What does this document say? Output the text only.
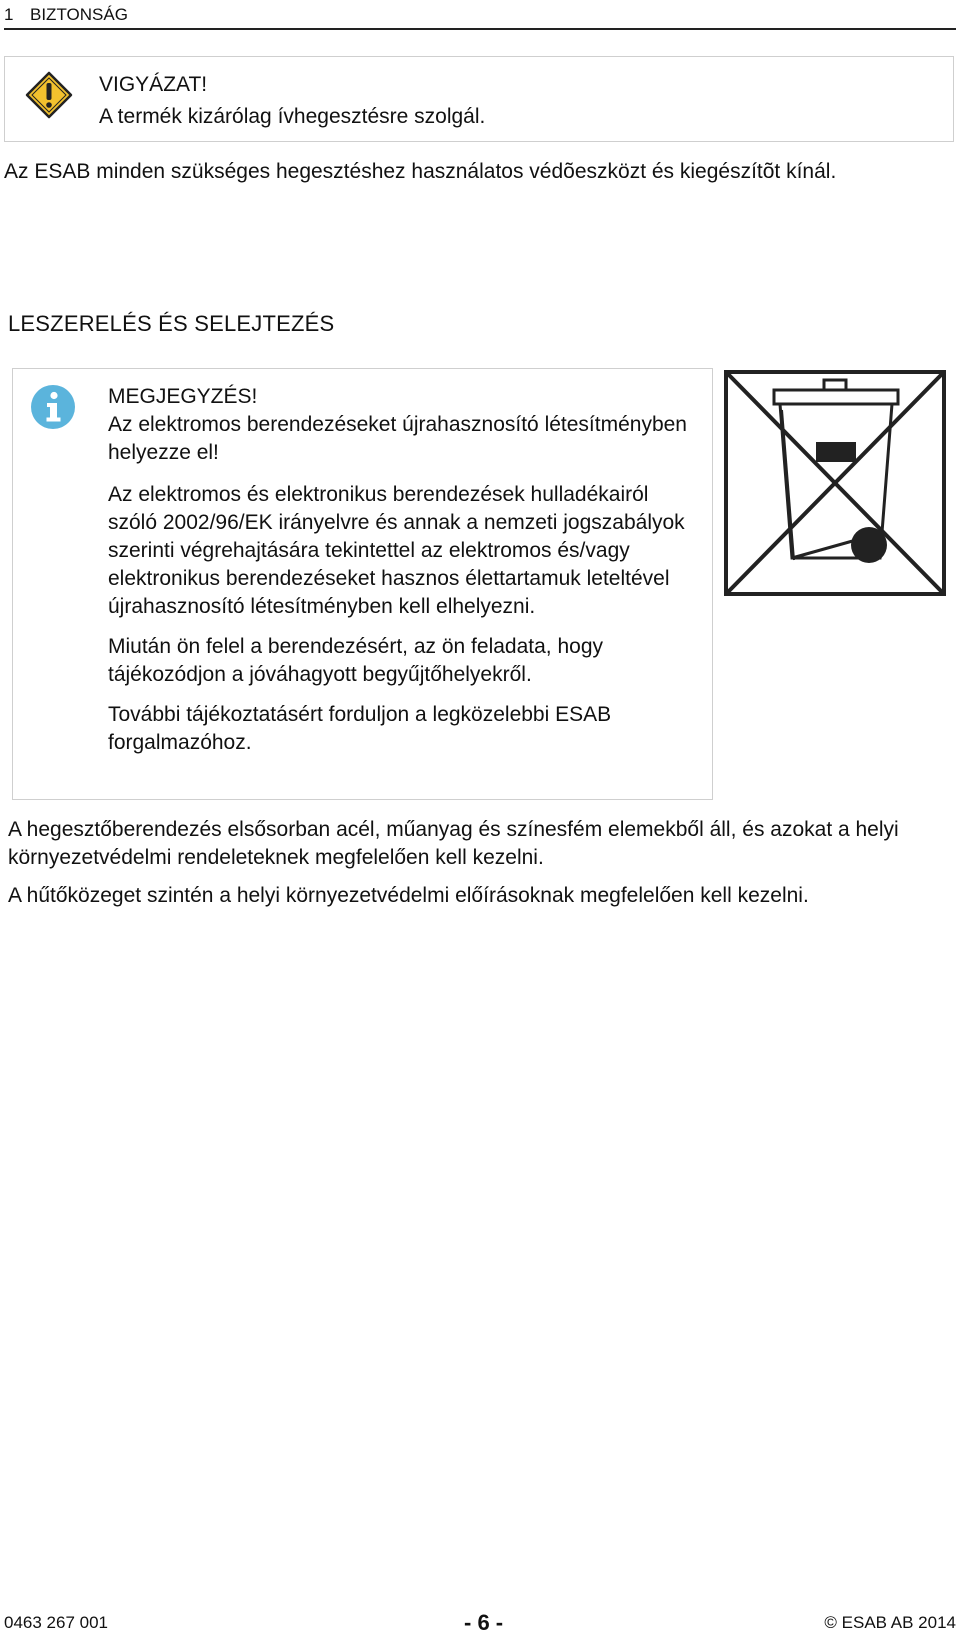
1 BIZTONSÁG
VIGYÁZAT!
A termék kizárólag ívhegesztésre szolgál.
Az ESAB minden szükséges hegesztéshez használatos védõeszközt és kiegészítõt kínál.
LESZERELÉS ÉS SELEJTEZÉS

MEGJEGYZÉS!

Az elektromos berendezéseket újrahasznosító létesítményben helyezze el!

Az elektromos és elektronikus berendezések hulladékairól szóló 2002/96/EK irányelvre és annak a nemzeti jogszabályok szerinti végrehajtására tekintettel az elektromos és/vagy elektronikus berendezéseket hasznos élettartamuk leteltével újrahasznosító létesítményben kell elhelyezni.

Miután ön felel a berendezésért, az ön feladata, hogy tájékozódjon a jóváhagyott begyűjtőhelyekről.

További tájékoztatásért forduljon a legközelebbi ESAB forgalmazóhoz.

A hegesztőberendezés elsősorban acél, műanyag és színesfém elemekből áll, és azokat a helyi környezetvédelmi rendeleteknek megfelelően kell kezelni.

A hűtőközeget szintén a helyi környezetvédelmi előírásoknak megfelelően kell kezelni.

0463 267 001	- 6 -	© ESAB AB 2014
